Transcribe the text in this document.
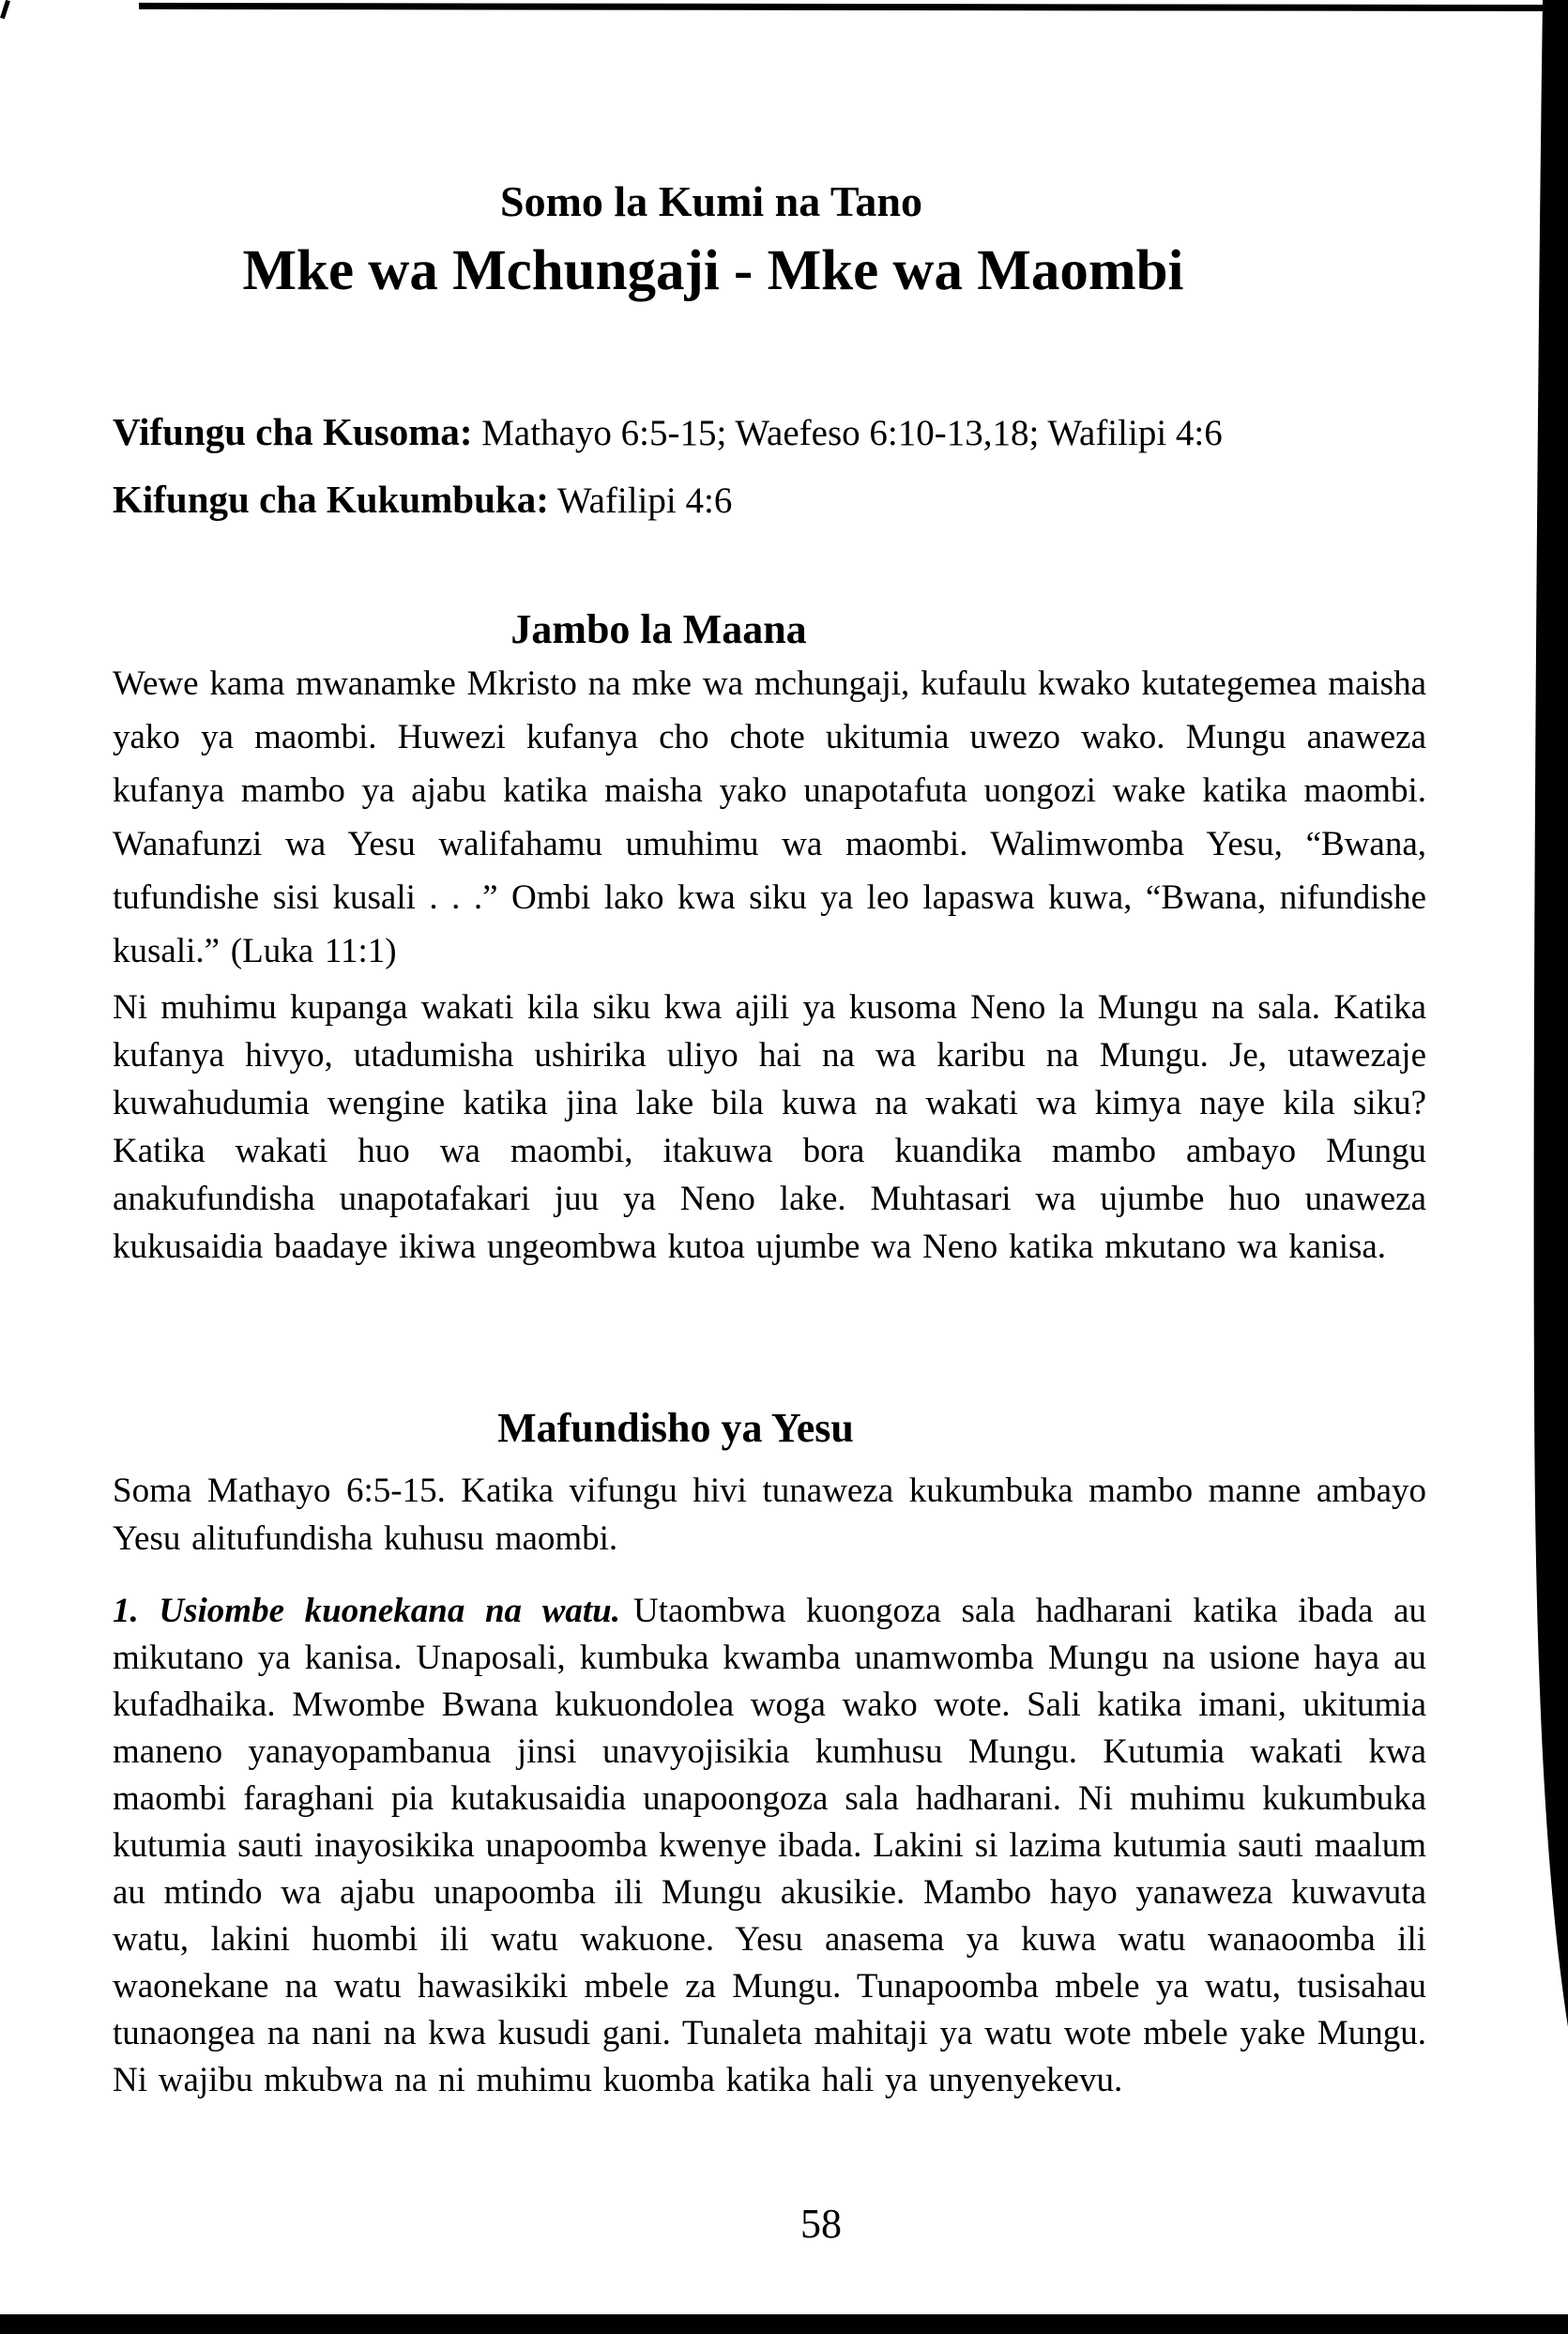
Somo la Kumi na Tano
Mke wa Mchungaji - Mke wa Maombi
Vifungu cha Kusoma: Mathayo 6:5-15; Waefeso 6:10-13,18; Wafilipi 4:6
Kifungu cha Kukumbuka: Wafilipi 4:6
Jambo la Maana
Wewe kama mwanamke Mkristo na mke wa mchungaji, kufaulu kwako kutategemea maisha yako ya maombi. Huwezi kufanya cho chote ukitumia uwezo wako. Mungu anaweza kufanya mambo ya ajabu katika maisha yako unapotafuta uongozi wake katika maombi. Wanafunzi wa Yesu walifahamu umuhimu wa maombi. Walimwomba Yesu, “Bwana, tufundishe sisi kusali . . .” Ombi lako kwa siku ya leo lapaswa kuwa, “Bwana, nifundishe kusali.” (Luka 11:1)
Ni muhimu kupanga wakati kila siku kwa ajili ya kusoma Neno la Mungu na sala. Katika kufanya hivyo, utadumisha ushirika uliyo hai na wa karibu na Mungu. Je, utawezaje kuwahudumia wengine katika jina lake bila kuwa na wakati wa kimya naye kila siku? Katika wakati huo wa maombi, itakuwa bora kuandika mambo ambayo Mungu anakufundisha unapotafakari juu ya Neno lake. Muhtasari wa ujumbe huo unaweza kukusaidia baadaye ikiwa ungeombwa kutoa ujumbe wa Neno katika mkutano wa kanisa.
Mafundisho ya Yesu
Soma Mathayo 6:5-15. Katika vifungu hivi tunaweza kukumbuka mambo manne ambayo Yesu alitufundisha kuhusu maombi.
1. Usiombe kuonekana na watu. Utaombwa kuongoza sala hadharani katika ibada au mikutano ya kanisa. Unaposali, kumbuka kwamba unamwomba Mungu na usione haya au kufadhaika. Mwombe Bwana kukuondolea woga wako wote. Sali katika imani, ukitumia maneno yanayopambanua jinsi unavyojisikia kumhusu Mungu. Kutumia wakati kwa maombi faraghani pia kutakusaidia unapoongoza sala hadharani. Ni muhimu kukumbuka kutumia sauti inayosikika unapoomba kwenye ibada. Lakini si lazima kutumia sauti maalum au mtindo wa ajabu unapoomba ili Mungu akusikie. Mambo hayo yanaweza kuwavuta watu, lakini huombi ili watu wakuone. Yesu anasema ya kuwa watu wanaoomba ili waonekane na watu hawasikiki mbele za Mungu. Tunapoomba mbele ya watu, tusisahau tunaongea na nani na kwa kusudi gani. Tunaleta mahitaji ya watu wote mbele yake Mungu. Ni wajibu mkubwa na ni muhimu kuomba katika hali ya unyenyekevu.
58
